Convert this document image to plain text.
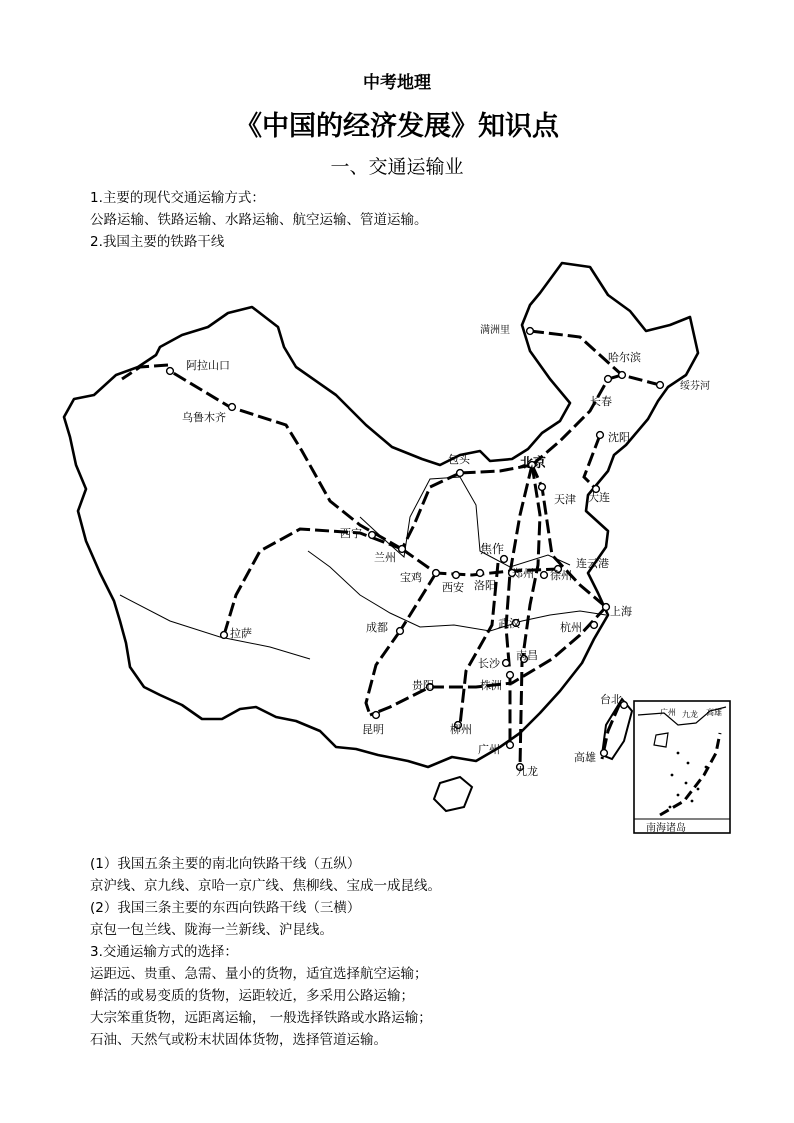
中考地理
《中国的经济发展》知识点
一、交通运输业
1.主要的现代交通运输方式：
公路运输、铁路运输、水路运输、航空运输、管道运输。
2.我国主要的铁路干线
满洲里
哈尔滨
绥芬河
长春
沈阳
大连
阿拉山口
乌鲁木齐
包头	北京
天津
西宁
兰州	连云港
焦作
郑州 徐州
宝鸡
西安 洛阳
上海
成都	武汉	杭州
拉萨
长沙
南昌
贵阳	株洲
昆明	柳州
广州
九龙
台北
高雄
广州 九龙 高雄
南海诸岛
(1）我国五条主要的南北向铁路干线（五纵）
京沪线、京九线、京哈一京广线、焦柳线、宝成一成昆线。
(2）我国三条主要的东西向铁路干线（三横）
京包一包兰线、陇海一兰新线、沪昆线。
3.交通运输方式的选择：
运距远、贵重、急需、量小的货物，适宜选择航空运输；
鲜活的或易变质的货物，运距较近，多采用公路运输；
大宗笨重货物，远距离运输， 一般选择铁路或水路运输；
石油、天然气或粉末状固体货物，选择管道运输。
